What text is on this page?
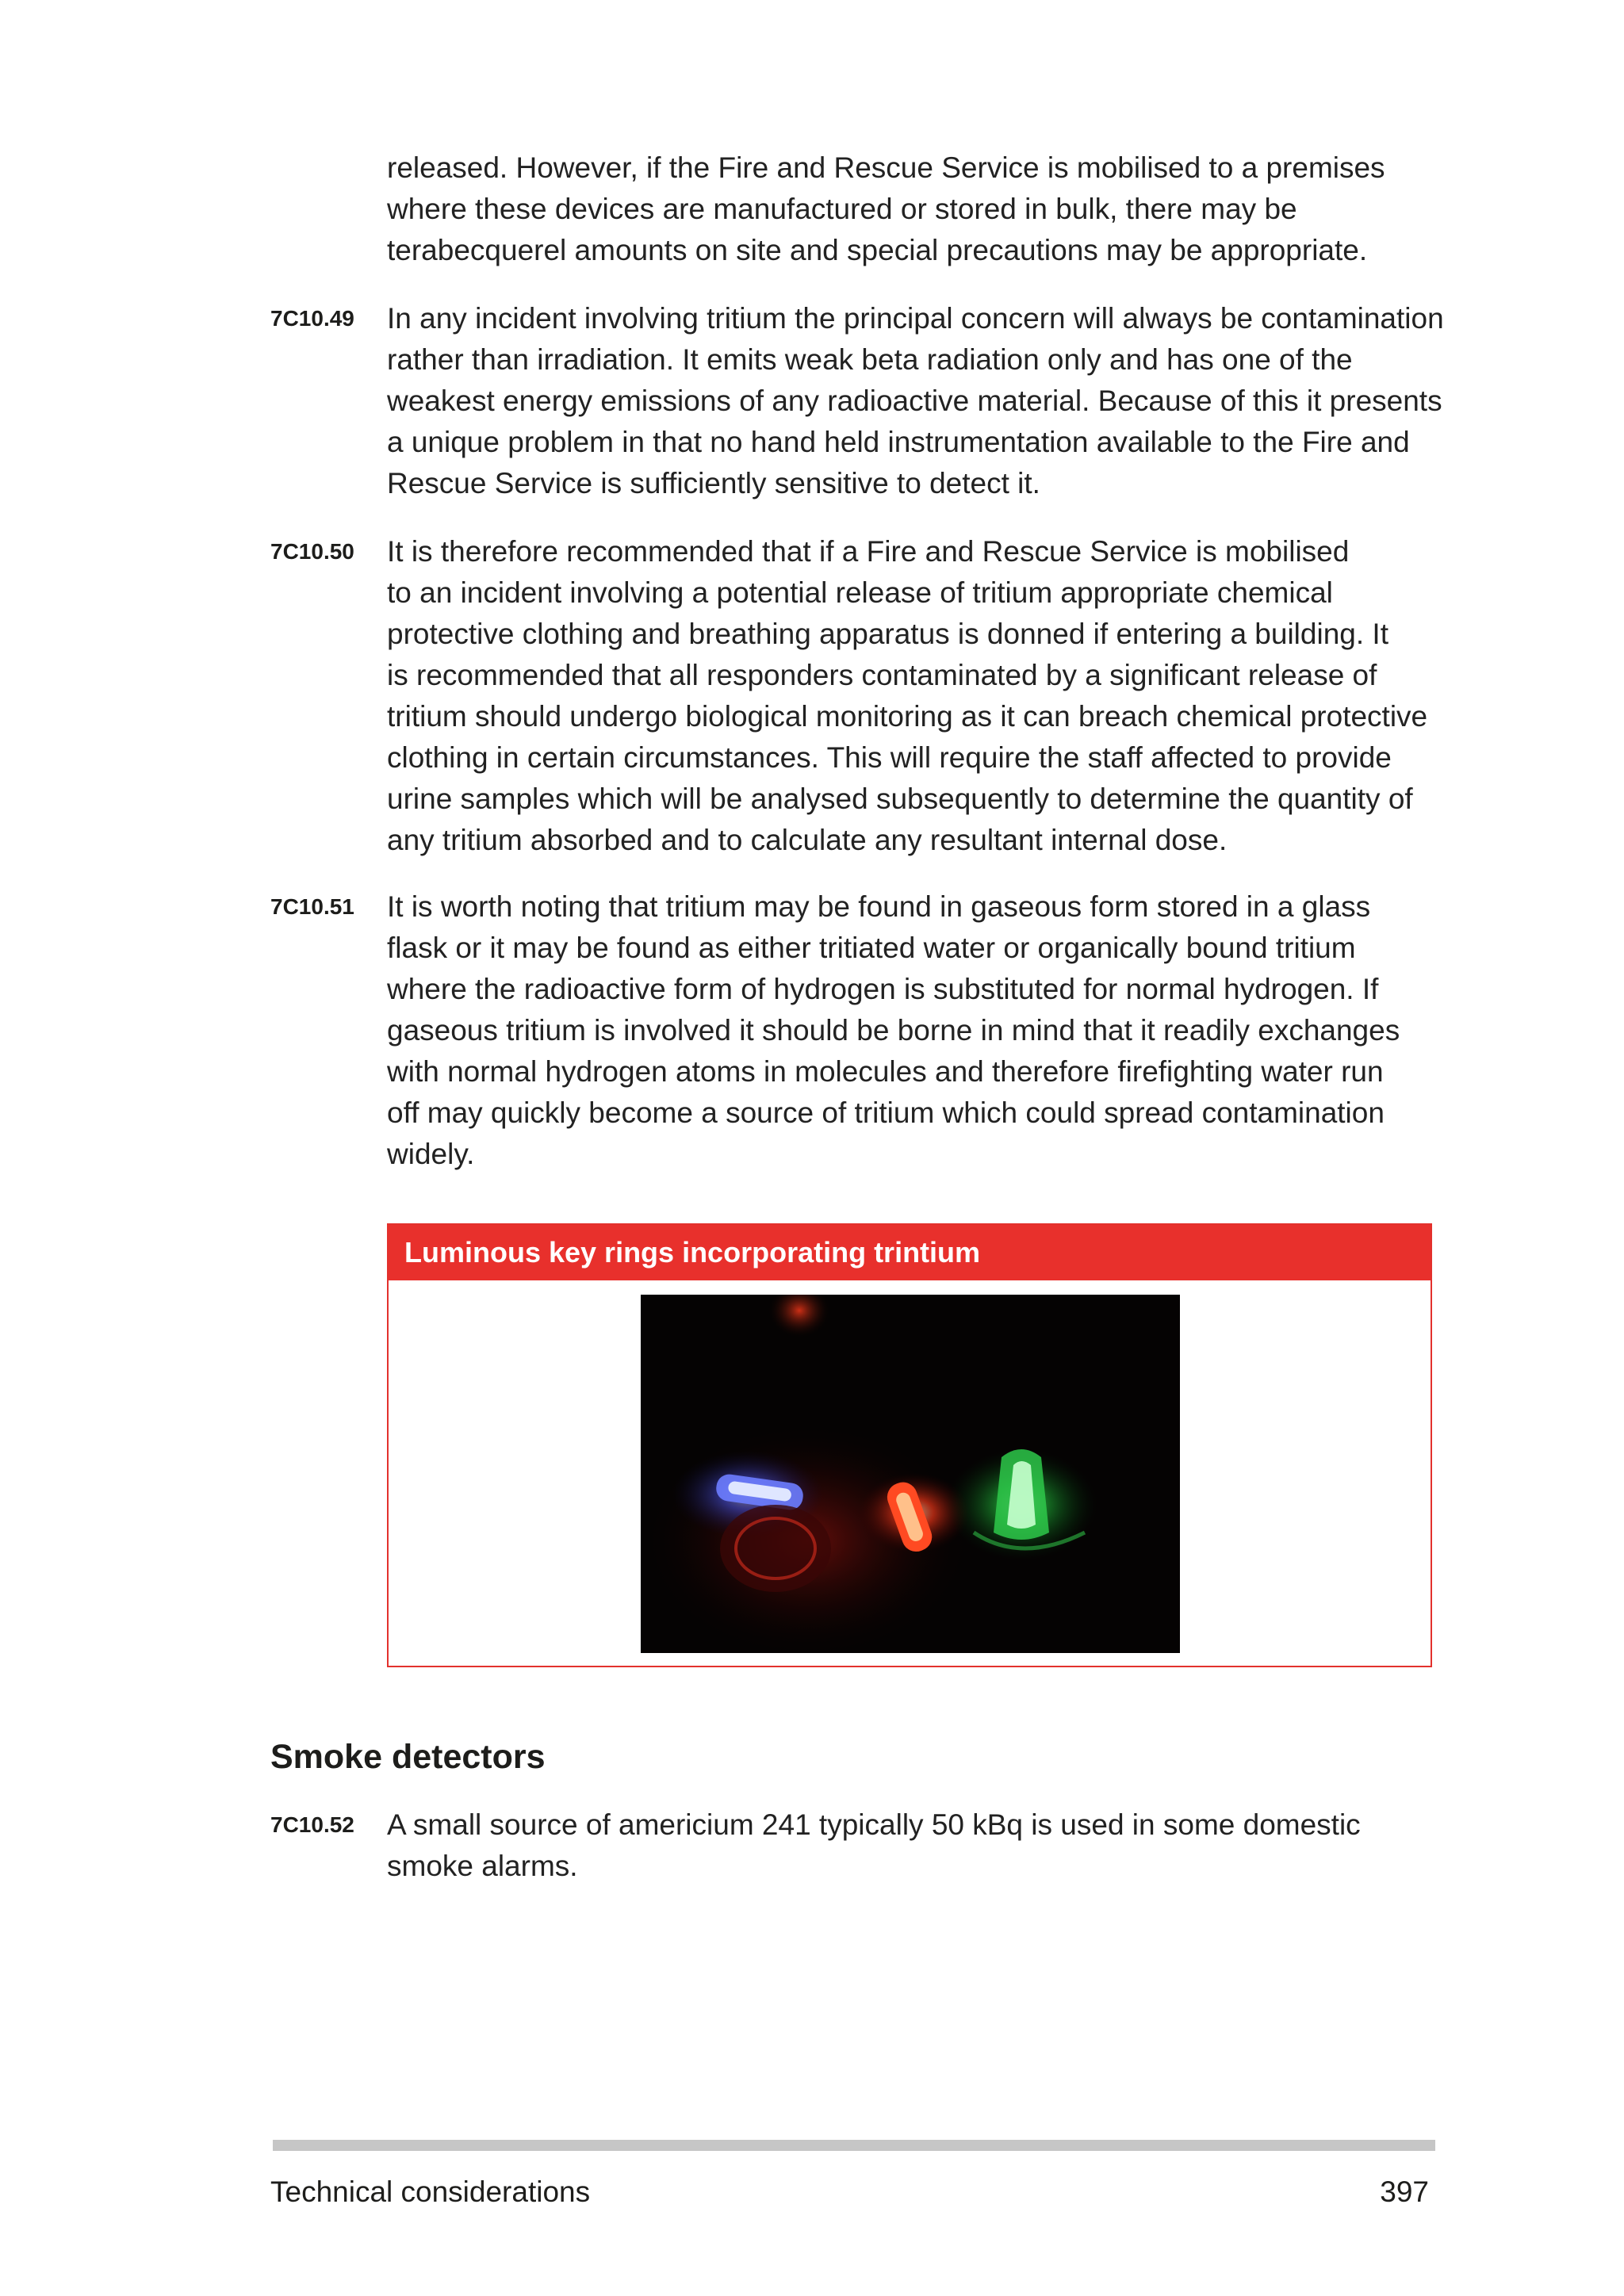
released. However, if the Fire and Rescue Service is mobilised to a premises
where these devices are manufactured or stored in bulk, there may be
terabecquerel amounts on site and special precautions may be appropriate.
7C10.49 In any incident involving tritium the principal concern will always be contamination
rather than irradiation. It emits weak beta radiation only and has one of the
weakest energy emissions of any radioactive material. Because of this it presents
a unique problem in that no hand held instrumentation available to the Fire and
Rescue Service is sufficiently sensitive to detect it.
7C10.50 It is therefore recommended that if a Fire and Rescue Service is mobilised
to an incident involving a potential release of tritium appropriate chemical
protective clothing and breathing apparatus is donned if entering a building. It
is recommended that all responders contaminated by a significant release of
tritium should undergo biological monitoring as it can breach chemical protective
clothing in certain circumstances. This will require the staff affected to provide
urine samples which will be analysed subsequently to determine the quantity of
any tritium absorbed and to calculate any resultant internal dose.
7C10.51 It is worth noting that tritium may be found in gaseous form stored in a glass
flask or it may be found as either tritiated water or organically bound tritium
where the radioactive form of hydrogen is substituted for normal hydrogen. If
gaseous tritium is involved it should be borne in mind that it readily exchanges
with normal hydrogen atoms in molecules and therefore firefighting water run
off may quickly become a source of tritium which could spread contamination
widely.
Luminous key rings incorporating trintium
Smoke detectors
7C10.52 A small source of americium 241 typically 50 kBq is used in some domestic
smoke alarms.
Technical considerations	397
